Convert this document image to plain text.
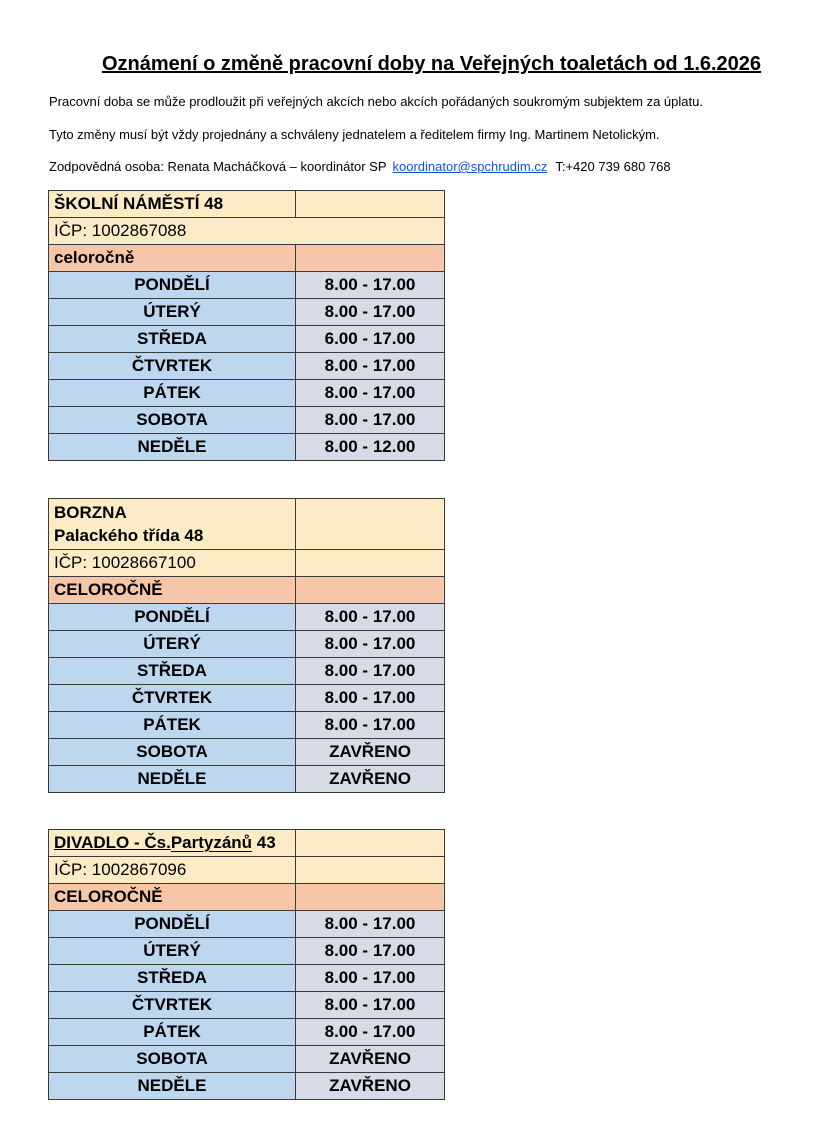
Oznámení o změně pracovní doby na Veřejných toaletách od 1.6.2026
Pracovní doba se může prodloužit při veřejných akcích nebo akcích pořádaných soukromým subjektem za úplatu.
Tyto změny musí být vždy projednány a schváleny jednatelem a ředitelem firmy Ing. Martinem Netolickým.
Zodpovědná osoba: Renata Macháčková – koordinátor SP koordinator@spchrudim.cz T:+420 739 680 768
ŠKOLNÍ NÁMĚSTÍ 48	
IČP: 1002867088	
celoročně	
PONDĚLÍ	8.00 - 17.00
ÚTERÝ	8.00 - 17.00
STŘEDA	6.00 - 17.00
ČTVRTEK	8.00 - 17.00
PÁTEK	8.00 - 17.00
SOBOTA	8.00 - 17.00
NEDĚLE	8.00 - 12.00
BORZNA
Palackého třída 48	
IČP: 10028667100	
CELOROČNĚ	
PONDĚLÍ	8.00 - 17.00
ÚTERÝ	8.00 - 17.00
STŘEDA	8.00 - 17.00
ČTVRTEK	8.00 - 17.00
PÁTEK	8.00 - 17.00
SOBOTA	ZAVŘENO
NEDĚLE	ZAVŘENO
DIVADLO - Čs.Partyzánů 43	
IČP: 1002867096	
CELOROČNĚ	
PONDĚLÍ	8.00 - 17.00
ÚTERÝ	8.00 - 17.00
STŘEDA	8.00 - 17.00
ČTVRTEK	8.00 - 17.00
PÁTEK	8.00 - 17.00
SOBOTA	ZAVŘENO
NEDĚLE	ZAVŘENO
